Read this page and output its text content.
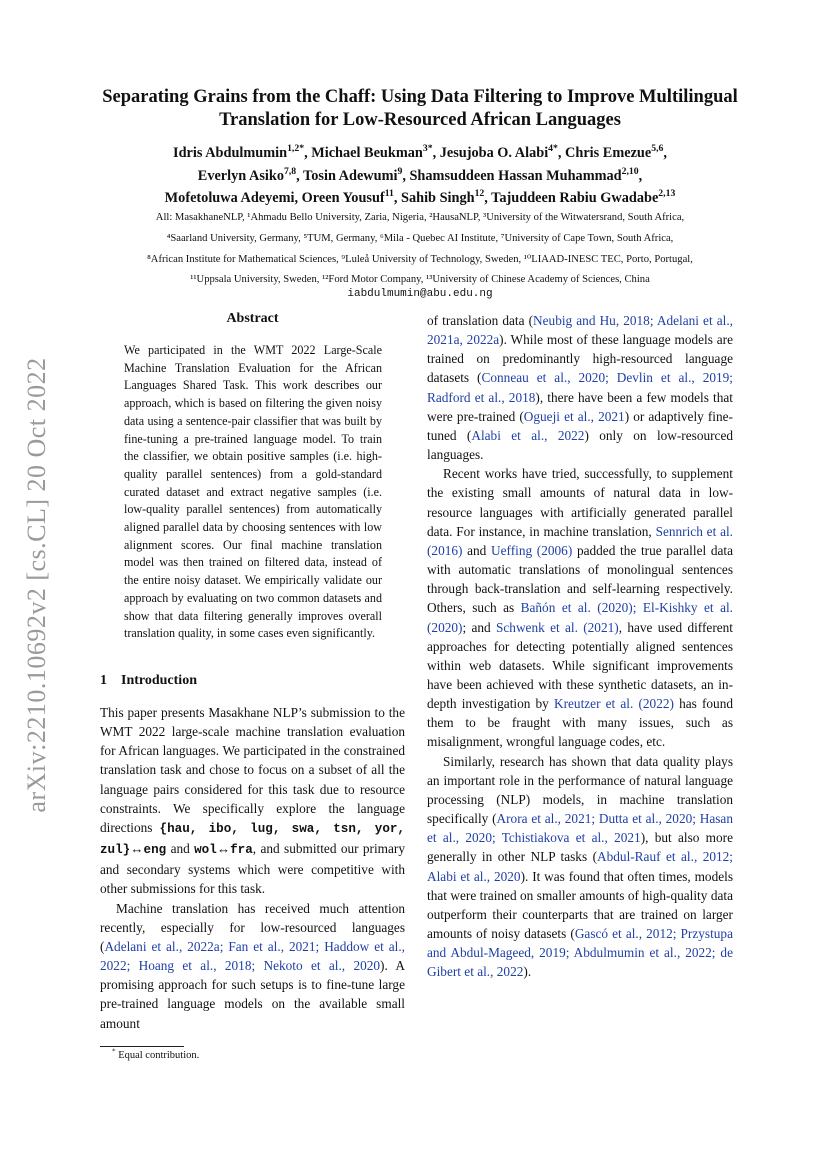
arXiv:2210.10692v2 [cs.CL] 20 Oct 2022
Separating Grains from the Chaff: Using Data Filtering to Improve Multilingual Translation for Low-Resourced African Languages
Idris Abdulmumin$^{1,2*}$, Michael Beukman$^{3*}$, Jesujoba O. Alabi$^{4*}$, Chris Emezue$^{5,6}$,
Everlyn Asiko$^{7,8}$, Tosin Adewumi$^9$, Shamsuddeen Hassan Muhammad$^{2,10}$,
Mofetoluwa Adeyemi, Oreen Yousuf$^{11}$, Sahib Singh$^{12}$, Tajuddeen Rabiu Gwadabe$^{2,13}$
All: MasakhaneNLP, ¹Ahmadu Bello University, Zaria, Nigeria, ²HausaNLP, ³University of the Witwatersrand, South Africa,
⁴Saarland University, Germany, ⁵TUM, Germany, ⁶Mila - Quebec AI Institute, ⁷University of Cape Town, South Africa,
⁸African Institute for Mathematical Sciences, ⁹Luleå University of Technology, Sweden, ¹⁰LIAAD-INESC TEC, Porto, Portugal,
¹¹Uppsala University, Sweden, ¹²Ford Motor Company, ¹³University of Chinese Academy of Sciences, China
iabdulmumin@abu.edu.ng
Abstract
We participated in the WMT 2022 Large-Scale Machine Translation Evaluation for the African Languages Shared Task. This work describes our approach, which is based on filtering the given noisy data using a sentence-pair classifier that was built by fine-tuning a pre-trained language model. To train the classifier, we obtain positive samples (i.e. high-quality parallel sentences) from a gold-standard curated dataset and extract negative samples (i.e. low-quality parallel sentences) from automatically aligned parallel data by choosing sentences with low alignment scores. Our final machine translation model was then trained on filtered data, instead of the entire noisy dataset. We empirically validate our approach by evaluating on two common datasets and show that data filtering generally improves overall translation quality, in some cases even significantly.
1 Introduction

This paper presents Masakhane NLP’s submission to the WMT 2022 large-scale machine translation evaluation for African languages. We participated in the constrained translation task and chose to focus on a subset of all the language pairs considered for this task due to resource constraints. We specifically explore the language directions {hau, ibo, lug, swa, tsn, yor, zul}↔eng and wol↔fra, and submitted our primary and secondary systems which were competitive with other submissions for this task.

Machine translation has received much attention recently, especially for low-resourced languages (Adelani et al., 2022a; Fan et al., 2021; Haddow et al., 2022; Hoang et al., 2018; Nekoto et al., 2020). A promising approach for such setups is to fine-tune large pre-trained language models on the available small amount

of translation data (Neubig and Hu, 2018; Adelani et al., 2021a, 2022a). While most of these language models are trained on predominantly high-resourced language datasets (Conneau et al., 2020; Devlin et al., 2019; Radford et al., 2018), there have been a few models that were pre-trained (Ogueji et al., 2021) or adaptively fine-tuned (Alabi et al., 2022) only on low-resourced languages.

Recent works have tried, successfully, to supplement the existing small amounts of natural data in low-resource languages with artificially generated parallel data. For instance, in machine translation, Sennrich et al. (2016) and Ueffing (2006) padded the true parallel data with automatic translations of monolingual sentences through back-translation and self-learning respectively. Others, such as Bañón et al. (2020); El-Kishky et al. (2020); and Schwenk et al. (2021), have used different approaches for detecting potentially aligned sentences within web datasets. While significant improvements have been achieved with these synthetic datasets, an in-depth investigation by Kreutzer et al. (2022) has found them to be fraught with many issues, such as misalignment, wrongful language codes, etc.

Similarly, research has shown that data quality plays an important role in the performance of natural language processing (NLP) models, in machine translation specifically (Arora et al., 2021; Dutta et al., 2020; Hasan et al., 2020; Tchistiakova et al., 2021), but also more generally in other NLP tasks (Abdul-Rauf et al., 2012; Alabi et al., 2020). It was found that often times, models that were trained on smaller amounts of high-quality data outperform their counterparts that are trained on larger amounts of noisy datasets (Gascó et al., 2012; Przystupa and Abdul-Mageed, 2019; Abdulmumin et al., 2022; de Gibert et al., 2022).

* Equal contribution.
